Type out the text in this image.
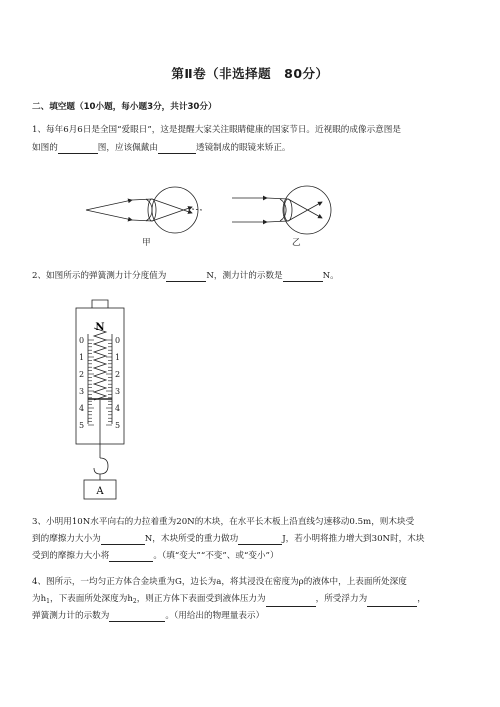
第Ⅱ卷（非选择题　80分）
二、填空题（10小题，每小题3分，共计30分）
1、每年6月6日是全国“爱眼日”，这是提醒大家关注眼睛健康的国家节日。近视眼的成像示意图是
如图的	图，应该佩戴由	透镜制成的眼镜来矫正。
甲	乙
2、如图所示的弹簧测力计分度值为	N，测力计的示数是	N。
N
0
1
2
3
4
5
0
1
2
3
4
5
A
3、小明用10N水平向右的力拉着重为20N的木块，在水平长木板上沿直线匀速移动0.5m，则木块受
到的摩擦力大小为	N，木块所受的重力做功	J，若小明将推力增大到30N时，木块
受到的摩擦力大小将	。（填“变大”“不变”、或“变小”）
4、图所示，一均匀正方体合金块重为G，边长为a，将其浸没在密度为ρ的液体中，上表面所处深度
为$h_1$，下表面所处深度为$h_2$，则正方体下表面受到液体压力为	，所受浮力为	，
弹簧测力计的示数为	。（用给出的物理量表示）
